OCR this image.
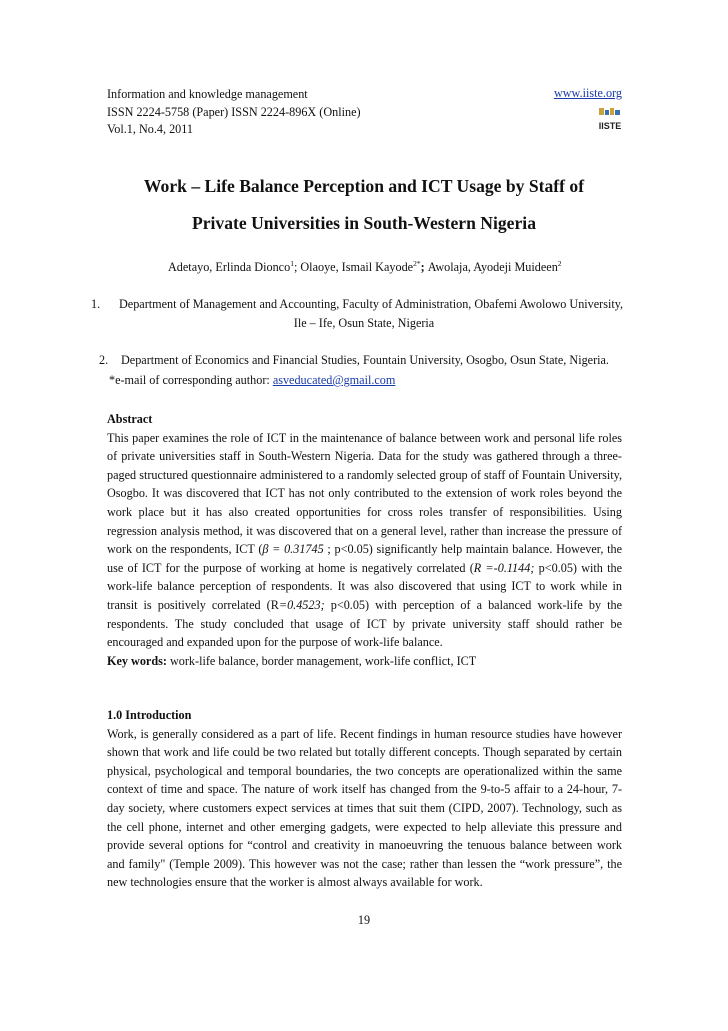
Information and knowledge management
ISSN 2224-5758 (Paper) ISSN 2224-896X (Online)
Vol.1, No.4, 2011
www.iiste.org
IISTE
Work – Life Balance Perception and ICT Usage by Staff of
Private Universities in South-Western Nigeria
Adetayo, Erlinda Dionco$^1$; Olaoye, Ismail Kayode$^{2*}$; Awolaja, Ayodeji Muideen$^2$
1. Department of Management and Accounting, Faculty of Administration, Obafemi Awolowo University,
Ile – Ife, Osun State, Nigeria
2. Department of Economics and Financial Studies, Fountain University, Osogbo, Osun State, Nigeria.
*e-mail of corresponding author: asveducated@gmail.com

Abstract

This paper examines the role of ICT in the maintenance of balance between work and personal life roles of private universities staff in South-Western Nigeria. Data for the study was gathered through a three-paged structured questionnaire administered to a randomly selected group of staff of Fountain University, Osogbo. It was discovered that ICT has not only contributed to the extension of work roles beyond the work place but it has also created opportunities for cross roles transfer of responsibilities. Using regression analysis method, it was discovered that on a general level, rather than increase the pressure of work on the respondents, ICT (β = 0.31745 ; p<0.05) significantly help maintain balance. However, the use of ICT for the purpose of working at home is negatively correlated (R =-0.1144; p<0.05) with the work-life balance perception of respondents. It was also discovered that using ICT to work while in transit is positively correlated (R=0.4523; p<0.05) with perception of a balanced work-life by the respondents. The study concluded that usage of ICT by private university staff should rather be encouraged and expanded upon for the purpose of work-life balance.

Key words: work-life balance, border management, work-life conflict, ICT

1.0 Introduction

Work, is generally considered as a part of life. Recent findings in human resource studies have however shown that work and life could be two related but totally different concepts. Though separated by certain physical, psychological and temporal boundaries, the two concepts are operationalized within the same context of time and space. The nature of work itself has changed from the 9-to-5 affair to a 24-hour, 7-day society, where customers expect services at times that suit them (CIPD, 2007). Technology, such as the cell phone, internet and other emerging gadgets, were expected to help alleviate this pressure and provide several options for “control and creativity in manoeuvring the tenuous balance between work and family" (Temple 2009). This however was not the case; rather than lessen the “work pressure”, the new technologies ensure that the worker is almost always available for work.

19
